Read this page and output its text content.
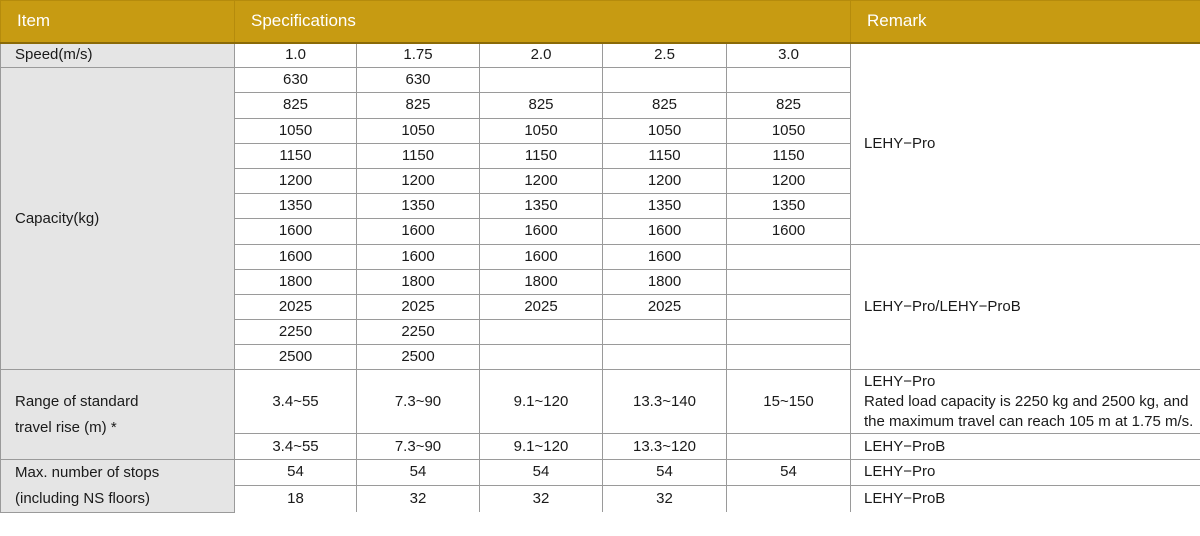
Item	Specifications					Remark
Speed(m/s)	1.0	1.75	2.0	2.5	3.0	LEHY−Pro
Capacity(kg)	630	630				
	825	825	825	825	825	
	1050	1050	1050	1050	1050	
	1150	1150	1150	1150	1150	
	1200	1200	1200	1200	1200	
	1350	1350	1350	1350	1350	
	1600	1600	1600	1600	1600	
	1600	1600	1600	1600		LEHY−Pro/LEHY−ProB
	1800	1800	1800	1800		
	2025	2025	2025	2025		
	2250	2250				
	2500	2500				

Range of standard
travel rise (m) *	3.4~55	7.3~90	9.1~120	13.3~140	15~150	LEHY−Pro
Rated load capacity is 2250 kg and 2500 kg, and
the maximum travel can reach 105 m at 1.75 m/s.

	3.4~55	7.3~90	9.1~120	13.3~120		LEHY−ProB

Max. number of stops
(including NS floors)	54	54	54	54	54	LEHY−Pro
	18	32	32	32		LEHY−ProB
